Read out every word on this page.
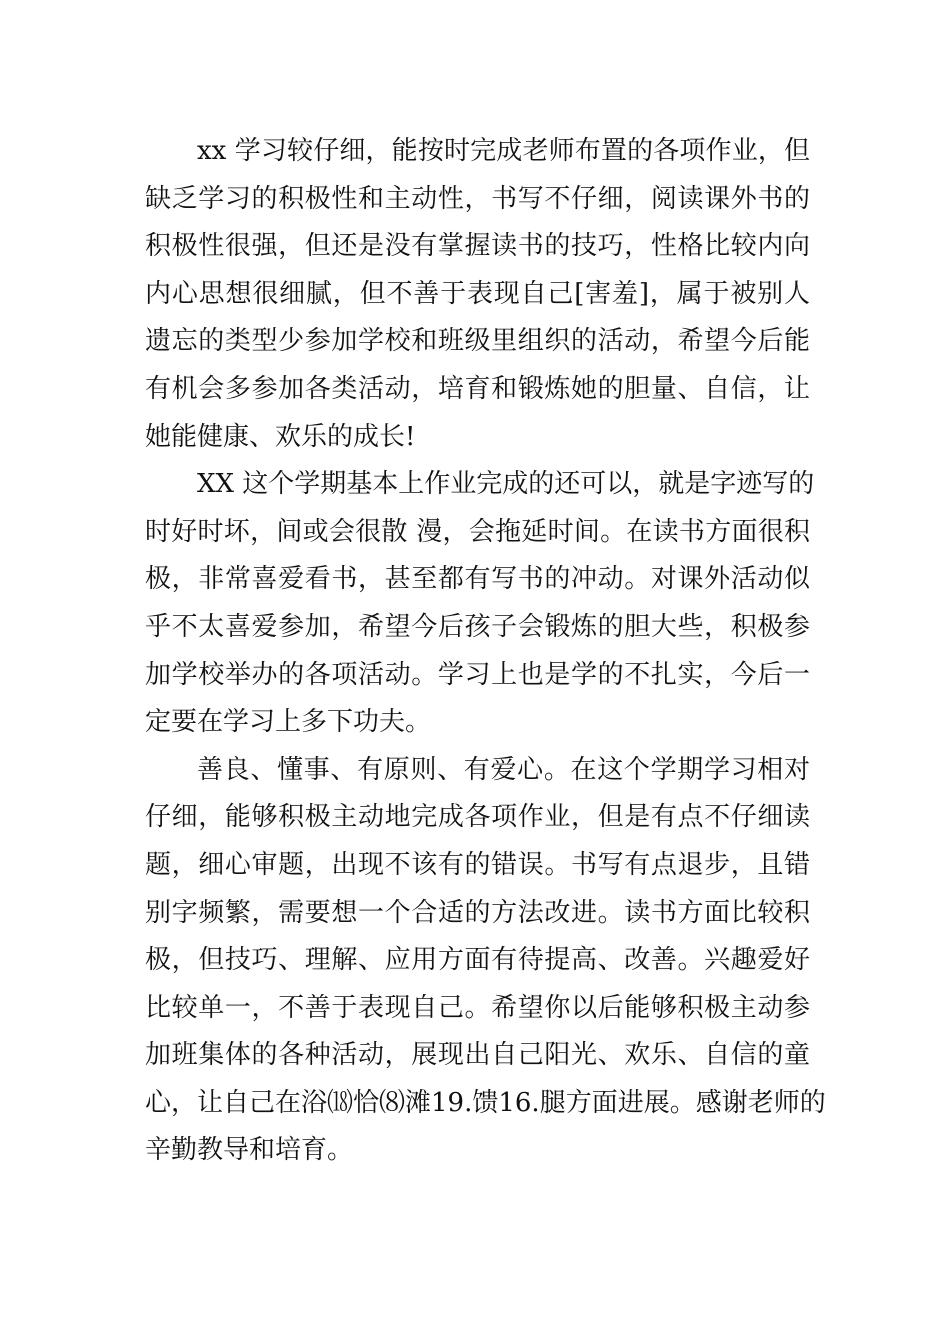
xx 学习较仔细，能按时完成老师布置的各项作业，但
缺乏学习的积极性和主动性，书写不仔细，阅读课外书的
积极性很强，但还是没有掌握读书的技巧，性格比较内向
内心思想很细腻，但不善于表现自己[害羞]，属于被别人
遗忘的类型少参加学校和班级里组织的活动，希望今后能
有机会多参加各类活动，培育和锻炼她的胆量、自信，让
她能健康、欢乐的成长!
XX 这个学期基本上作业完成的还可以，就是字迹写的
时好时坏，间或会很散 漫，会拖延时间。在读书方面很积
极，非常喜爱看书，甚至都有写书的冲动。对课外活动似
乎不太喜爱参加，希望今后孩子会锻炼的胆大些，积极参
加学校举办的各项活动。学习上也是学的不扎实，今后一
定要在学习上多下功夫。
善良、懂事、有原则、有爱心。在这个学期学习相对
仔细，能够积极主动地完成各项作业，但是有点不仔细读
题，细心审题，出现不该有的错误。书写有点退步，且错
别字频繁，需要想一个合适的方法改进。读书方面比较积
极，但技巧、理解、应用方面有待提高、改善。兴趣爱好
比较单一，不善于表现自己。希望你以后能够积极主动参
加班集体的各种活动，展现出自己阳光、欢乐、自信的童
心，让自己在浴⒅恰⑻滩19.馈16.腿方面进展。感谢老师的
辛勤教导和培育。
